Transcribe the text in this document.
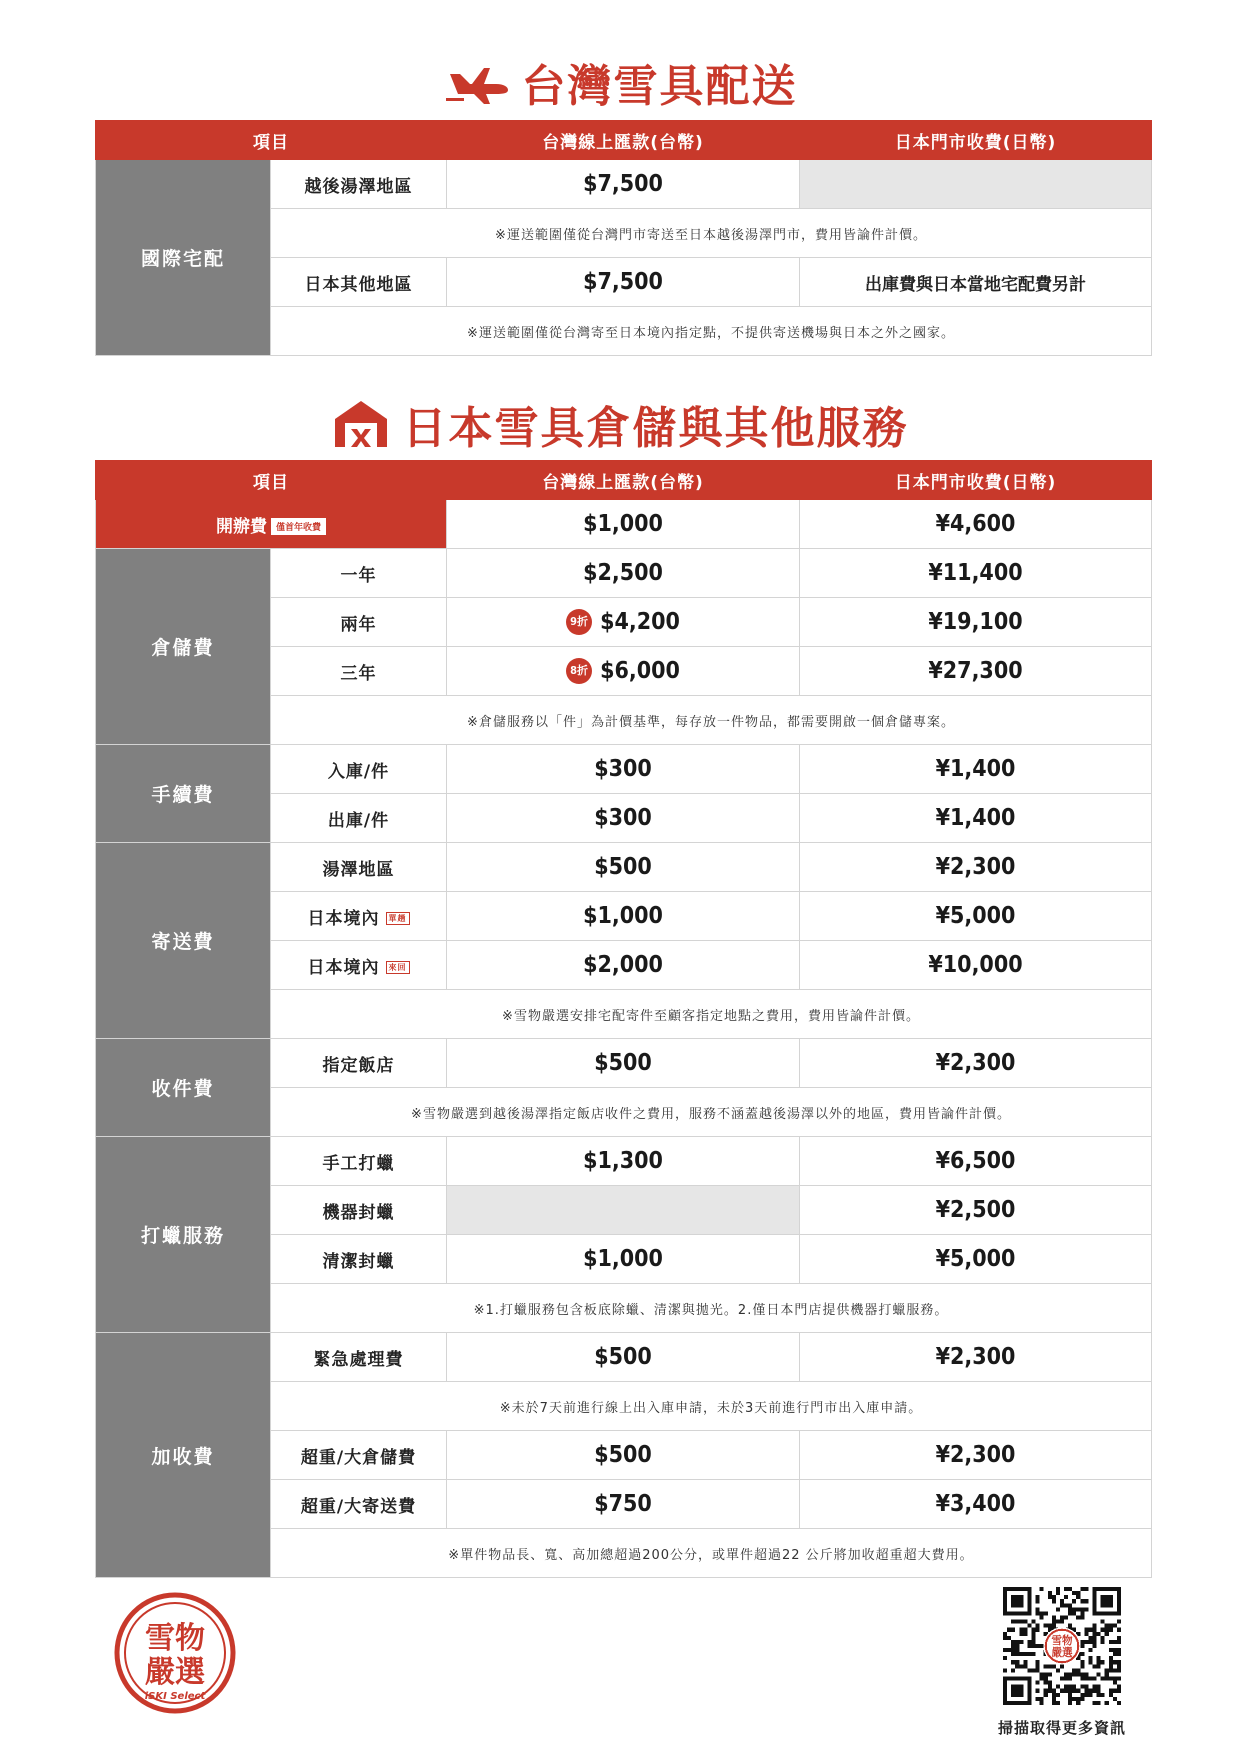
台灣雪具配送
項目		台灣線上匯款(台幣)	日本門市收費(日幣)
國際宅配	越後湯澤地區	$7,500	
	※運送範圍僅從台灣門市寄送至日本越後湯澤門市，費用皆論件計價。		
	日本其他地區	$7,500	出庫費與日本當地宅配費另計
	※運送範圍僅從台灣寄至日本境內指定點，不提供寄送機場與日本之外之國家。		
日本雪具倉儲與其他服務
項目		台灣線上匯款(台幣)	日本門市收費(日幣)
開辦費 僅首年收費		$1,000	¥4,600
倉儲費	一年	$2,500	¥11,400
	兩年	9折 $4,200	¥19,100
	三年	8折 $6,000	¥27,300
	※倉儲服務以「件」為計價基準，每存放一件物品，都需要開啟一個倉儲專案。		
手續費	入庫/件	$300	¥1,400
	出庫/件	$300	¥1,400
寄送費	湯澤地區	$500	¥2,300
	日本境內 單趟	$1,000	¥5,000
	日本境內 來回	$2,000	¥10,000
	※雪物嚴選安排宅配寄件至顧客指定地點之費用，費用皆論件計價。		
收件費	指定飯店	$500	¥2,300
	※雪物嚴選到越後湯澤指定飯店收件之費用，服務不涵蓋越後湯澤以外的地區，費用皆論件計價。		
打蠟服務	手工打蠟	$1,300	¥6,500
	機器封蠟		¥2,500
	清潔封蠟	$1,000	¥5,000
	※1.打蠟服務包含板底除蠟、清潔與拋光。2.僅日本門店提供機器打蠟服務。		
加收費	緊急處理費	$500	¥2,300
	※未於7天前進行線上出入庫申請，未於3天前進行門市出入庫申請。		
	超重/大倉儲費	$500	¥2,300
	超重/大寄送費	$750	¥3,400
	※單件物品長、寬、高加總超過200公分，或單件超過22 公斤將加收超重超大費用。		
雪物
嚴選
iSKI Select
雪物
嚴選
掃描取得更多資訊
